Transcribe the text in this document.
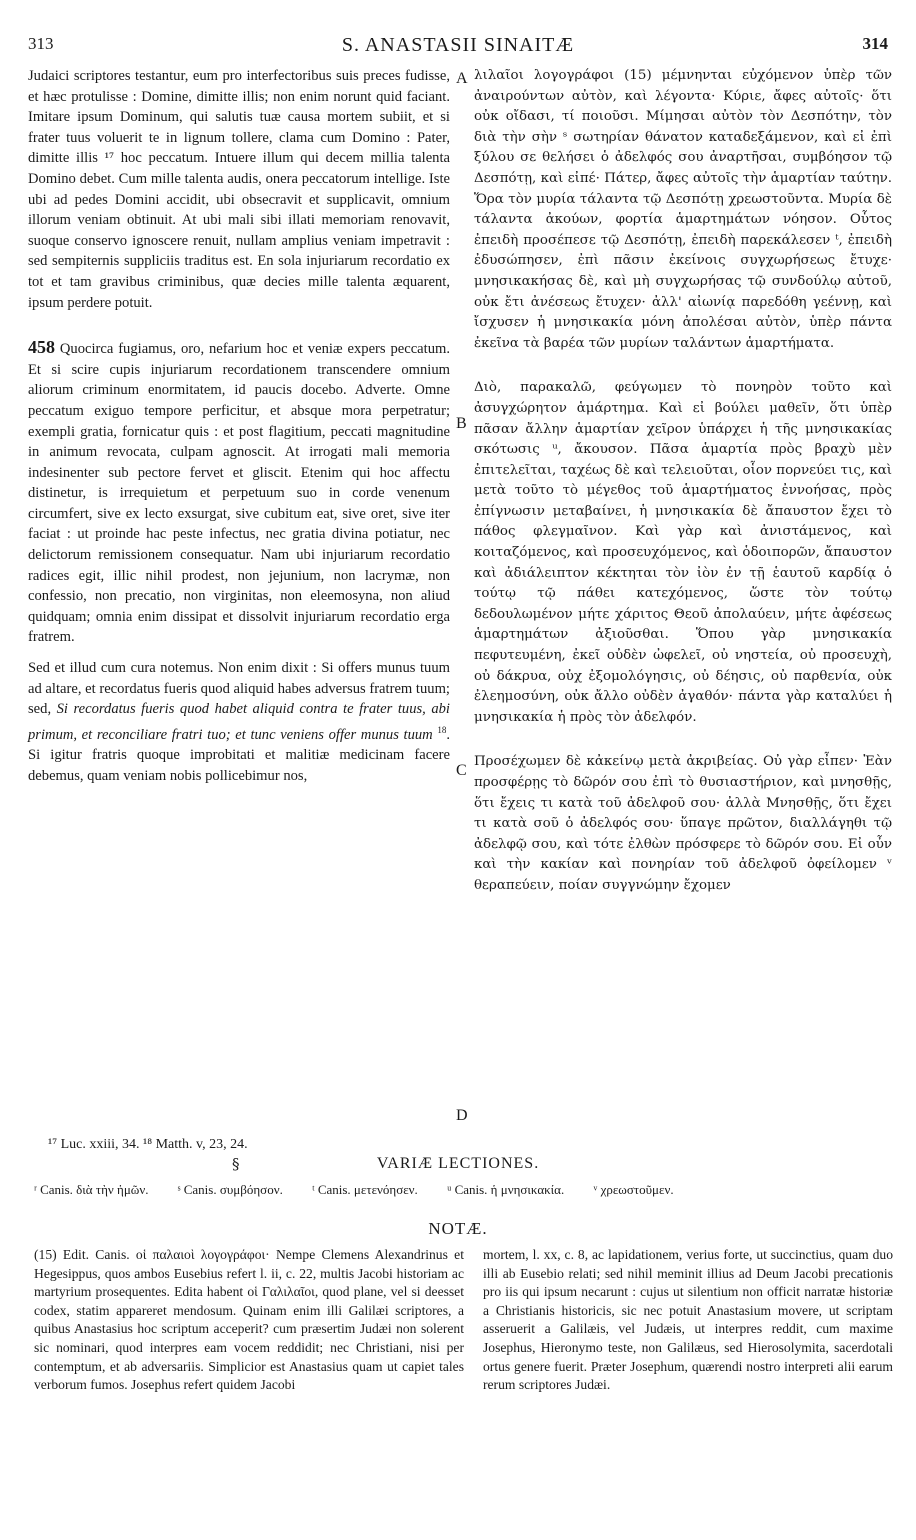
313	S. ANASTASII SINAITÆ	314

Judaici scriptores testantur, eum pro interfectoribus suis preces fudisse, et hæc protulisse : Domine, dimitte illis; non enim norunt quid faciant. Imitare ipsum Dominum, qui salutis tuæ causa mortem subiit, et si frater tuus voluerit te in lignum tollere, clama cum Domino : Pater, dimitte illis ¹⁷ hoc peccatum. Intuere illum qui decem millia talenta Domino debet. Cum mille talenta audis, onera peccatorum intellige. Iste ubi ad pedes Domini accidit, ubi obsecravit et supplicavit, omnium illorum veniam obtinuit. At ubi mali sibi illati memoriam renovavit, suoque conservo ignoscere renuit, nullam amplius veniam impetravit : sed sempiternis suppliciis traditus est. En sola injuriarum recordatio ex tot et tam gravibus criminibus, quæ decies mille talenta æquarent, ipsum perdere potuit.

458 Quocirca fugiamus, oro, nefarium hoc et veniæ expers peccatum. Et si scire cupis injuriarum recordationem transcendere omnium aliorum criminum enormitatem, id paucis docebo. Adverte. Omne peccatum exiguo tempore perficitur, et absque mora perpetratur; exempli gratia, fornicatur quis : et post flagitium, peccati magnitudine in animum revocata, culpam agnoscit. At irrogati mali memoria indesinenter sub pectore fervet et gliscit. Etenim qui hoc affectu distinetur, is irrequietum et perpetuum suo in corde venenum circumfert, sive ex lecto exsurgat, sive cubitum eat, sive oret, sive iter faciat : ut proinde hac peste infectus, nec gratia divina potiatur, nec delictorum remissionem consequatur. Nam ubi injuriarum recordatio radices egit, illic nihil prodest, non jejunium, non lacrymæ, non confessio, non precatio, non virginitas, non eleemosyna, non aliud quidquam; omnia enim dissipat et dissolvit injuriarum recordatio erga fratrem.

Sed et illud cum cura notemus. Non enim dixit : Si offers munus tuum ad altare, et recordatus fueris quod aliquid habes adversus fratrem tuum; sed, Si recordatus fueris quod habet aliquid contra te frater tuus, abi primum, et reconciliare fratri tuo; et tunc veniens offer munus tuum $^{18}$. Si igitur fratris quoque improbitati et malitiæ medicinam facere debemus, quam veniam nobis pollicebimur nos,

A
B
C
D

λιλαῖοι λογογράφοι (15) μέμνηνται εὐχόμενον ὑπὲρ τῶν ἀναιρούντων αὐτὸν, καὶ λέγοντα· Κύριε, ἄφες αὐτοῖς· ὅτι οὐκ οἴδασι, τί ποιοῦσι. Μίμησαι αὐτὸν τὸν Δεσπότην, τὸν διὰ τὴν σὴν ˢ σωτηρίαν θάνατον καταδεξάμενον, καὶ εἰ ἐπὶ ξύλου σε θελήσει ὁ ἀδελφός σου ἀναρτῆσαι, συμβόησον τῷ Δεσπότῃ, καὶ εἰπέ· Πάτερ, ἄφες αὐτοῖς τὴν ἁμαρτίαν ταύτην. Ὅρα τὸν μυρία τάλαντα τῷ Δεσπότῃ χρεωστοῦντα. Μυρία δὲ τάλαντα ἀκούων, φορτία ἁμαρτημάτων νόησον. Οὗτος ἐπειδὴ προσέπεσε τῷ Δεσπότῃ, ἐπειδὴ παρεκάλεσεν ᵗ, ἐπειδὴ ἐδυσώπησεν, ἐπὶ πᾶσιν ἐκείνοις συγχωρήσεως ἔτυχε· μνησικακήσας δὲ, καὶ μὴ συγχωρήσας τῷ συνδούλῳ αὐτοῦ, οὐκ ἔτι ἀνέσεως ἔτυχεν· ἀλλ' αἰωνίᾳ παρεδόθη γεέννῃ, καὶ ἴσχυσεν ἡ μνησικακία μόνη ἀπολέσαι αὐτὸν, ὑπὲρ πάντα ἐκεῖνα τὰ βαρέα τῶν μυρίων ταλάντων ἁμαρτήματα.

Διὸ, παρακαλῶ, φεύγωμεν τὸ πονηρὸν τοῦτο καὶ ἀσυγχώρητον ἁμάρτημα. Καὶ εἰ βούλει μαθεῖν, ὅτι ὑπὲρ πᾶσαν ἄλλην ἁμαρτίαν χεῖρον ὑπάρχει ἡ τῆς μνησικακίας σκότωσις ᵘ, ἄκουσον. Πᾶσα ἁμαρτία πρὸς βραχὺ μὲν ἐπιτελεῖται, ταχέως δὲ καὶ τελειοῦται, οἷον πορνεύει τις, καὶ μετὰ τοῦτο τὸ μέγεθος τοῦ ἁμαρτήματος ἐννοήσας, πρὸς ἐπίγνωσιν μεταβαίνει, ἡ μνησικακία δὲ ἄπαυστον ἔχει τὸ πάθος φλεγμαῖνον. Καὶ γὰρ καὶ ἀνιστάμενος, καὶ κοιταζόμενος, καὶ προσευχόμενος, καὶ ὁδοιπορῶν, ἄπαυστον καὶ ἀδιάλειπτον κέκτηται τὸν ἰὸν ἐν τῇ ἑαυτοῦ καρδίᾳ ὁ τούτῳ τῷ πάθει κατεχόμενος, ὥστε τὸν τούτῳ δεδουλωμένον μήτε χάριτος Θεοῦ ἀπολαύειν, μήτε ἀφέσεως ἁμαρτημάτων ἀξιοῦσθαι. Ὅπου γὰρ μνησικακία πεφυτευμένη, ἐκεῖ οὐδὲν ὠφελεῖ, οὐ νηστεία, οὐ προσευχὴ, οὐ δάκρυα, οὐχ ἐξομολόγησις, οὐ δέησις, οὐ παρθενία, οὐκ ἐλεημοσύνη, οὐκ ἄλλο οὐδὲν ἀγαθόν· πάντα γὰρ καταλύει ἡ μνησικακία ἡ πρὸς τὸν ἀδελφόν.

Προσέχωμεν δὲ κἀκείνῳ μετὰ ἀκριβείας. Οὐ γὰρ εἶπεν· Ἐὰν προσφέρῃς τὸ δῶρόν σου ἐπὶ τὸ θυσιαστήριον, καὶ μνησθῇς, ὅτι ἔχεις τι κατὰ τοῦ ἀδελφοῦ σου· ἀλλὰ Μνησθῇς, ὅτι ἔχει τι κατὰ σοῦ ὁ ἀδελφός σου· ὕπαγε πρῶτον, διαλλάγηθι τῷ ἀδελφῷ σου, καὶ τότε ἐλθὼν πρόσφερε τὸ δῶρόν σου. Εἰ οὖν καὶ τὴν κακίαν καὶ πονηρίαν τοῦ ἀδελφοῦ ὀφείλομεν ᵛ θεραπεύειν, ποίαν συγγνώμην ἔχομεν

¹⁷ Luc. xxiii, 34. ¹⁸ Matth. v, 23, 24.
§	VARIÆ LECTIONES.
ʳ Canis. διὰ τὴν ἡμῶν. ˢ Canis. συμβόησον. ᵗ Canis. μετενόησεν. ᵘ Canis. ἡ μνησικακία. ᵛ χρεωστοῦμεν.
NOTÆ.
(15) Edit. Canis. οἱ παλαιοὶ λογογράφοι· Nempe Clemens Alexandrinus et Hegesippus, quos ambos Eusebius refert l. ii, c. 22, multis Jacobi historiam ac martyrium prosequentes. Edita habent οἱ Γαλιλαῖοι, quod plane, vel si deesset codex, statim appareret mendosum. Quinam enim illi Galilæi scriptores, a quibus Anastasius hoc scriptum acceperit? cum præsertim Judæi non solerent sic nominari, quod interpres eam vocem reddidit; nec Christiani, nisi per contemptum, et ab adversariis. Simplicior est Anastasius quam ut capiet tales verborum fumos. Josephus refert quidem Jacobi
mortem, l. xx, c. 8, ac lapidationem, verius forte, ut succinctius, quam duo illi ab Eusebio relati; sed nihil meminit illius ad Deum Jacobi precationis pro iis qui ipsum necarunt : cujus ut silentium non officit narratæ historiæ a Christianis historicis, sic nec potuit Anastasium movere, ut scriptam asseruerit a Galilæis, vel Judæis, ut interpres reddit, cum maxime Josephus, Hieronymo teste, non Galilæus, sed Hierosolymita, sacerdotali ortus genere fuerit. Præter Josephum, quærendi nostro interpreti alii earum rerum scriptores Judæi.
